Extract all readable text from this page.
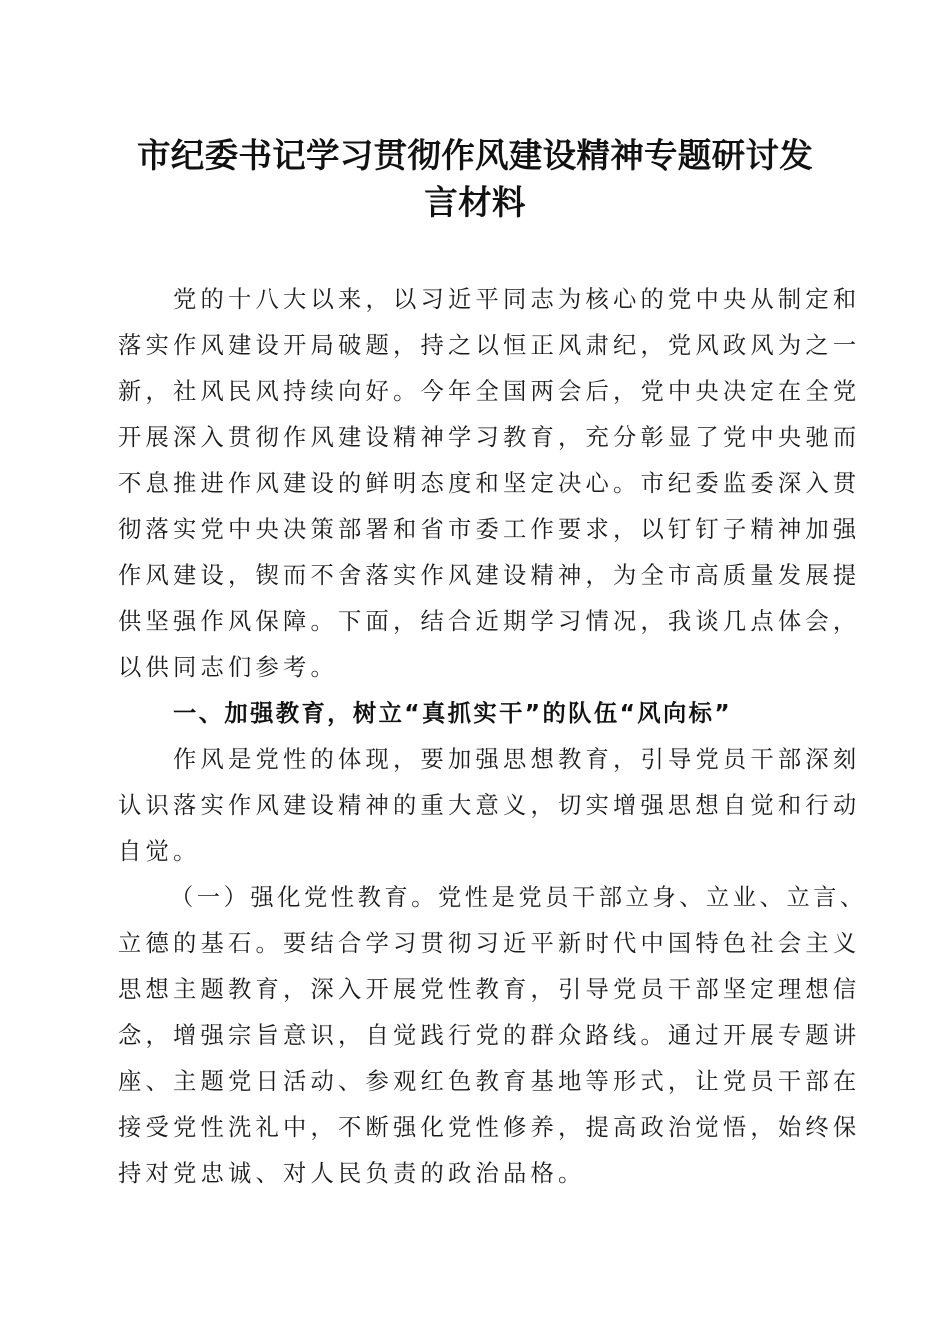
市纪委书记学习贯彻作风建设精神专题研讨发
言材料
党的十八大以来，以习近平同志为核心的党中央从制定和
落实作风建设开局破题，持之以恒正风肃纪，党风政风为之一
新，社风民风持续向好。今年全国两会后，党中央决定在全党
开展深入贯彻作风建设精神学习教育，充分彰显了党中央驰而
不息推进作风建设的鲜明态度和坚定决心。市纪委监委深入贯
彻落实党中央决策部署和省市委工作要求，以钉钉子精神加强
作风建设，锲而不舍落实作风建设精神，为全市高质量发展提
供坚强作风保障。下面，结合近期学习情况，我谈几点体会，
以供同志们参考。
一、加强教育，树立“真抓实干”的队伍“风向标”
作风是党性的体现，要加强思想教育，引导党员干部深刻
认识落实作风建设精神的重大意义，切实增强思想自觉和行动
自觉。
（一）强化党性教育。党性是党员干部立身、立业、立言、
立德的基石。要结合学习贯彻习近平新时代中国特色社会主义
思想主题教育，深入开展党性教育，引导党员干部坚定理想信
念，增强宗旨意识，自觉践行党的群众路线。通过开展专题讲
座、主题党日活动、参观红色教育基地等形式，让党员干部在
接受党性洗礼中，不断强化党性修养，提高政治觉悟，始终保
持对党忠诚、对人民负责的政治品格。
